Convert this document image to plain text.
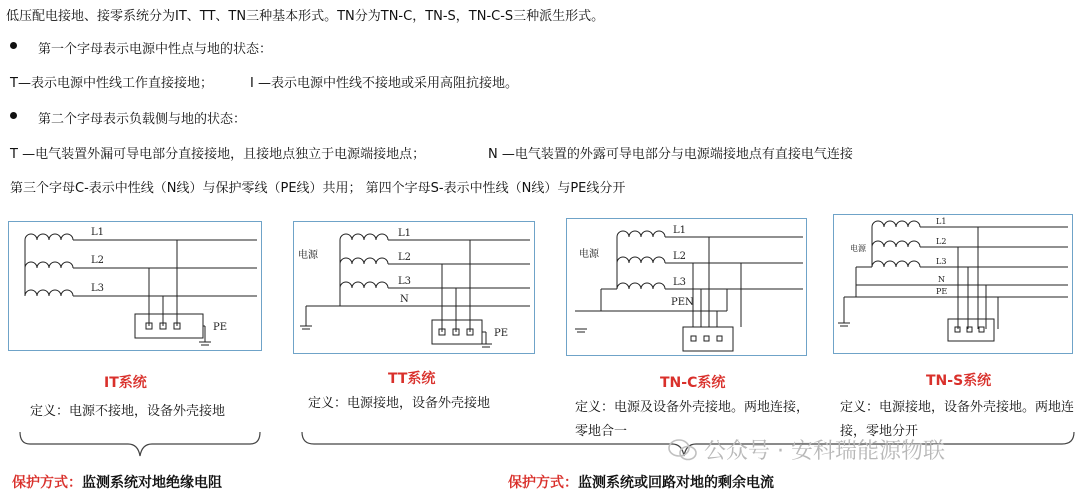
低压配电接地、接零系统分为IT、TT、TN三种基本形式。TN分为TN-C，TN-S，TN-C-S三种派生形式。
第一个字母表示电源中性点与地的状态：
T—表示电源中性线工作直接接地；	I —表示电源中性线不接地或采用高阻抗接地。
第二个字母表示负载侧与地的状态：
T —电气装置外漏可导电部分直接接地，且接地点独立于电源端接地点；	N —电气装置的外露可导电部分与电源端接地点有直接电气连接
第三个字母C-表示中性线（N线）与保护零线（PE线）共用； 第四个字母S-表示中性线（N线）与PE线分开
L1
L2
L3
PE
电源
L1
L2
L3
N
PE
电源
L1
L2
L3
PEN
电源
L1
L2
L3
N
PE
IT系统	TT系统	TN-C系统	TN-S系统
定义：电源不接地，设备外壳接地
定义：电源接地，设备外壳接地	定义：电源及设备外壳接地。两地连接，零地合一
定义：电源接地，设备外壳接地。两地连接，零地分开
公众号 · 安科瑞能源物联
保护方式：监测系统对地绝缘电阻	保护方式：监测系统或回路对地的剩余电流
